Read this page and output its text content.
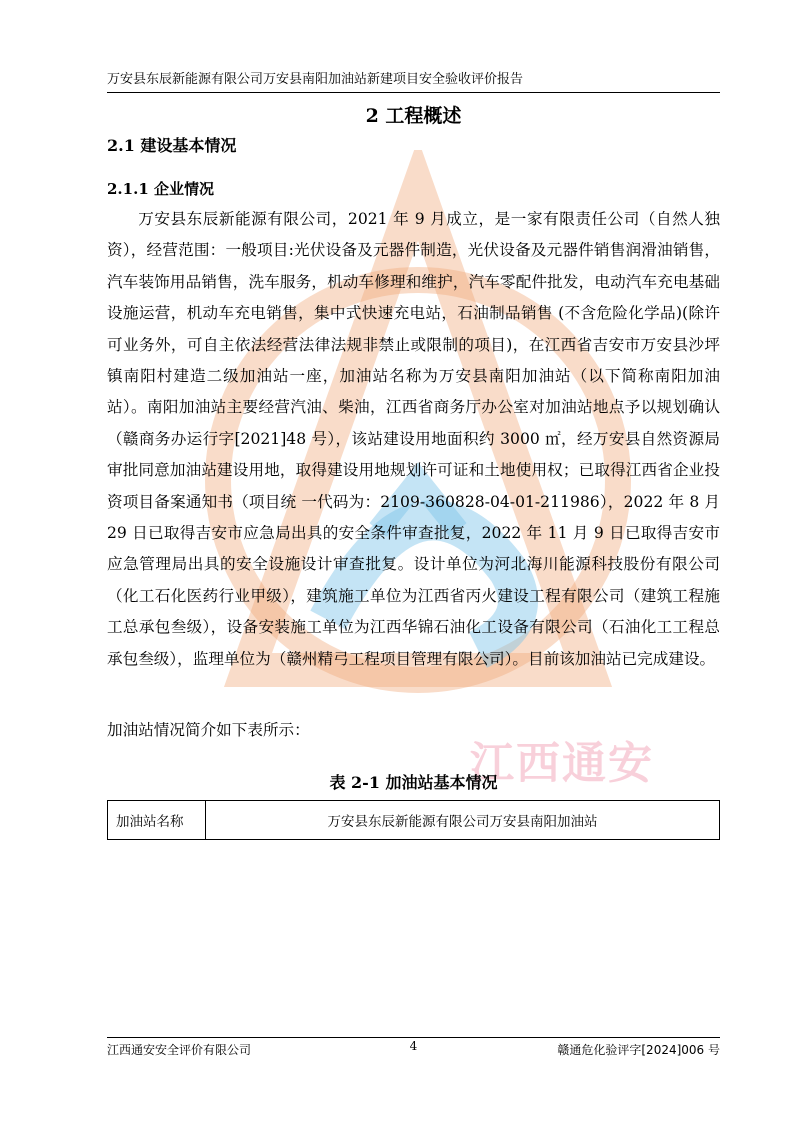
江西通安
万安县东辰新能源有限公司万安县南阳加油站新建项目安全验收评价报告
2 工程概述
2.1 建设基本情况
2.1.1 企业情况

万安县东辰新能源有限公司，2021 年 9 月成立，是一家有限责任公司（自然人独资），经营范围：一般项目:光伏设备及元器件制造，光伏设备及元器件销售润滑油销售，汽车装饰用品销售，洗车服务，机动车修理和维护，汽车零配件批发，电动汽车充电基础设施运营，机动车充电销售，集中式快速充电站，石油制品销售 (不含危险化学品)(除许可业务外，可自主依法经营法律法规非禁止或限制的项目)，在江西省吉安市万安县沙坪镇南阳村建造二级加油站一座，加油站名称为万安县南阳加油站（以下简称南阳加油站）。南阳加油站主要经营汽油、柴油，江西省商务厅办公室对加油站地点予以规划确认（赣商务办运行字[2021]48 号），该站建设用地面积约 3000 ㎡，经万安县自然资源局审批同意加油站建设用地，取得建设用地规划许可证和土地使用权；已取得江西省企业投资项目备案通知书（项目统 一代码为：2109-360828-04-01-211986），2022 年 8 月 29 日已取得吉安市应急局出具的安全条件审查批复，2022 年 11 月 9 日已取得吉安市应急管理局出具的安全设施设计审查批复。设计单位为河北海川能源科技股份有限公司（化工石化医药行业甲级），建筑施工单位为江西省丙火建设工程有限公司（建筑工程施工总承包叁级），设备安装施工单位为江西华锦石油化工设备有限公司（石油化工工程总承包叁级），监理单位为（赣州精弓工程项目管理有限公司）。目前该加油站已完成建设。

加油站情况简介如下表所示：

表 2-1 加油站基本情况
加油站名称	万安县东辰新能源有限公司万安县南阳加油站
江西通安安全评价有限公司	4	赣通危化验评字[2024]006 号
